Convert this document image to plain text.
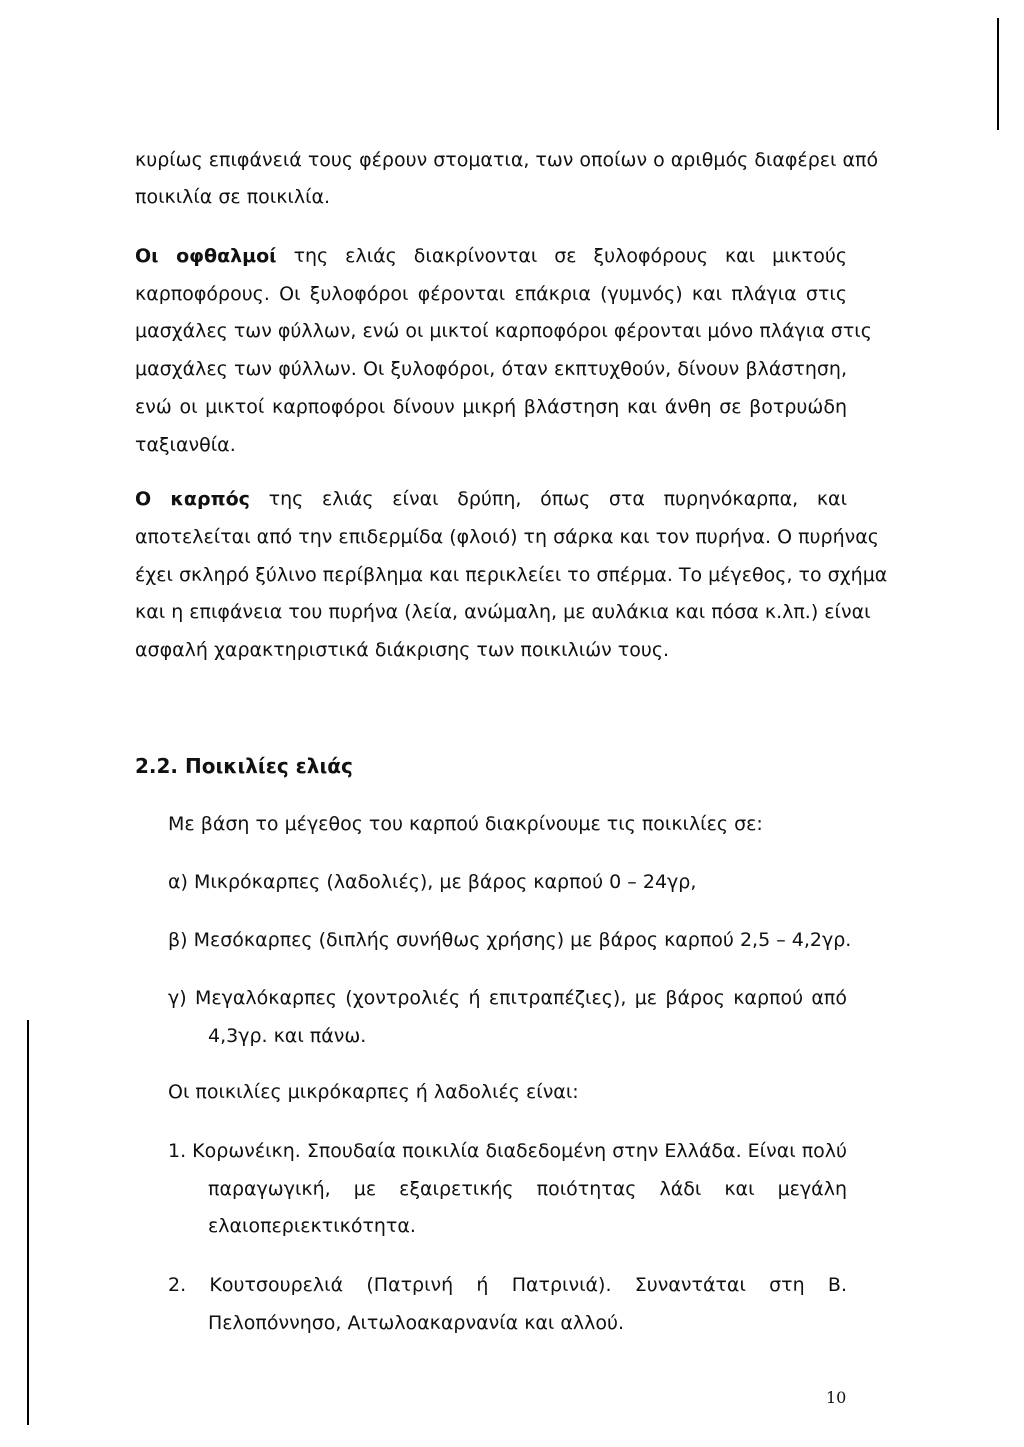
κυρίως επιφάνειά τους φέρουν στοματια, των οποίων ο αριθμός διαφέρει από
ποικιλία σε ποικιλία.
Οι οφθαλμοί της ελιάς διακρίνονται σε ξυλοφόρους και μικτούς
καρποφόρους. Οι ξυλοφόροι φέρονται επάκρια (γυμνός) και πλάγια στις
μασχάλες των φύλλων, ενώ οι μικτοί καρποφόροι φέρονται μόνο πλάγια στις
μασχάλες των φύλλων. Οι ξυλοφόροι, όταν εκπτυχθούν, δίνουν βλάστηση,
ενώ οι μικτοί καρποφόροι δίνουν μικρή βλάστηση και άνθη σε βοτρυώδη
ταξιανθία.
Ο καρπός της ελιάς είναι δρύπη, όπως στα πυρηνόκαρπα, και
αποτελείται από την επιδερμίδα (φλοιό) τη σάρκα και τον πυρήνα. Ο πυρήνας
έχει σκληρό ξύλινο περίβλημα και περικλείει το σπέρμα. Το μέγεθος, το σχήμα
και η επιφάνεια του πυρήνα (λεία, ανώμαλη, με αυλάκια και πόσα κ.λπ.) είναι
ασφαλή χαρακτηριστικά διάκρισης των ποικιλιών τους.
2.2. Ποικιλίες ελιάς
Με βάση το μέγεθος του καρπού διακρίνουμε τις ποικιλίες σε:
α) Μικρόκαρπες (λαδολιές), με βάρος καρπού 0 – 24γρ,
β) Μεσόκαρπες (διπλής συνήθως χρήσης) με βάρος καρπού 2,5 – 4,2γρ.
γ) Μεγαλόκαρπες (χοντρολιές ή επιτραπέζιες), με βάρος καρπού από
4,3γρ. και πάνω.
Οι ποικιλίες μικρόκαρπες ή λαδολιές είναι:
1. Κορωνέικη. Σπουδαία ποικιλία διαδεδομένη στην Ελλάδα. Είναι πολύ
παραγωγική, με εξαιρετικής ποιότητας λάδι και μεγάλη
ελαιοπεριεκτικότητα.
2. Κουτσουρελιά (Πατρινή ή Πατρινιά). Συναντάται στη Β.
Πελοπόννησο, Αιτωλοακαρνανία και αλλού.
10
